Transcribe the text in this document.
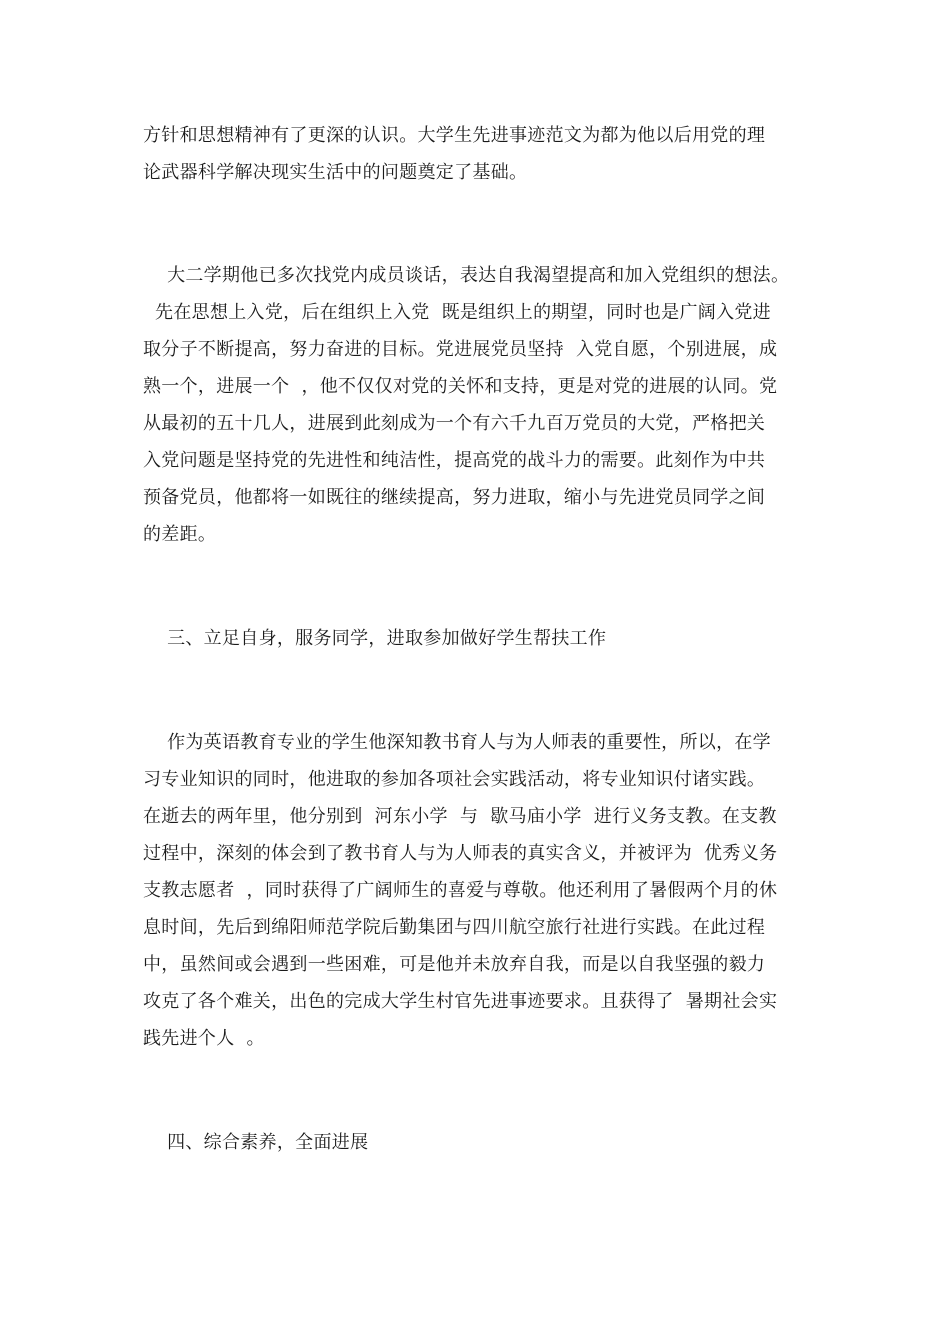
方针和思想精神有了更深的认识。大学生先进事迹范文为都为他以后用党的理
论武器科学解决现实生活中的问题奠定了基础。
大二学期他已多次找党内成员谈话，表达自我渴望提高和加入党组织的想法。
先在思想上入党，后在组织上入党  既是组织上的期望，同时也是广阔入党进
取分子不断提高，努力奋进的目标。党进展党员坚持  入党自愿，个别进展，成
熟一个，进展一个  ，他不仅仅对党的关怀和支持，更是对党的进展的认同。党
从最初的五十几人，进展到此刻成为一个有六千九百万党员的大党，严格把关
入党问题是坚持党的先进性和纯洁性，提高党的战斗力的需要。此刻作为中共
预备党员，他都将一如既往的继续提高，努力进取，缩小与先进党员同学之间
的差距。
三、立足自身，服务同学，进取参加做好学生帮扶工作
作为英语教育专业的学生他深知教书育人与为人师表的重要性，所以，在学
习专业知识的同时，他进取的参加各项社会实践活动，将专业知识付诸实践。
在逝去的两年里，他分别到  河东小学  与  歇马庙小学  进行义务支教。在支教
过程中，深刻的体会到了教书育人与为人师表的真实含义，并被评为  优秀义务
支教志愿者  ，同时获得了广阔师生的喜爱与尊敬。他还利用了暑假两个月的休
息时间，先后到绵阳师范学院后勤集团与四川航空旅行社进行实践。在此过程
中，虽然间或会遇到一些困难，可是他并未放弃自我，而是以自我坚强的毅力
攻克了各个难关，出色的完成大学生村官先进事迹要求。且获得了  暑期社会实
践先进个人  。
四、综合素养，全面进展
